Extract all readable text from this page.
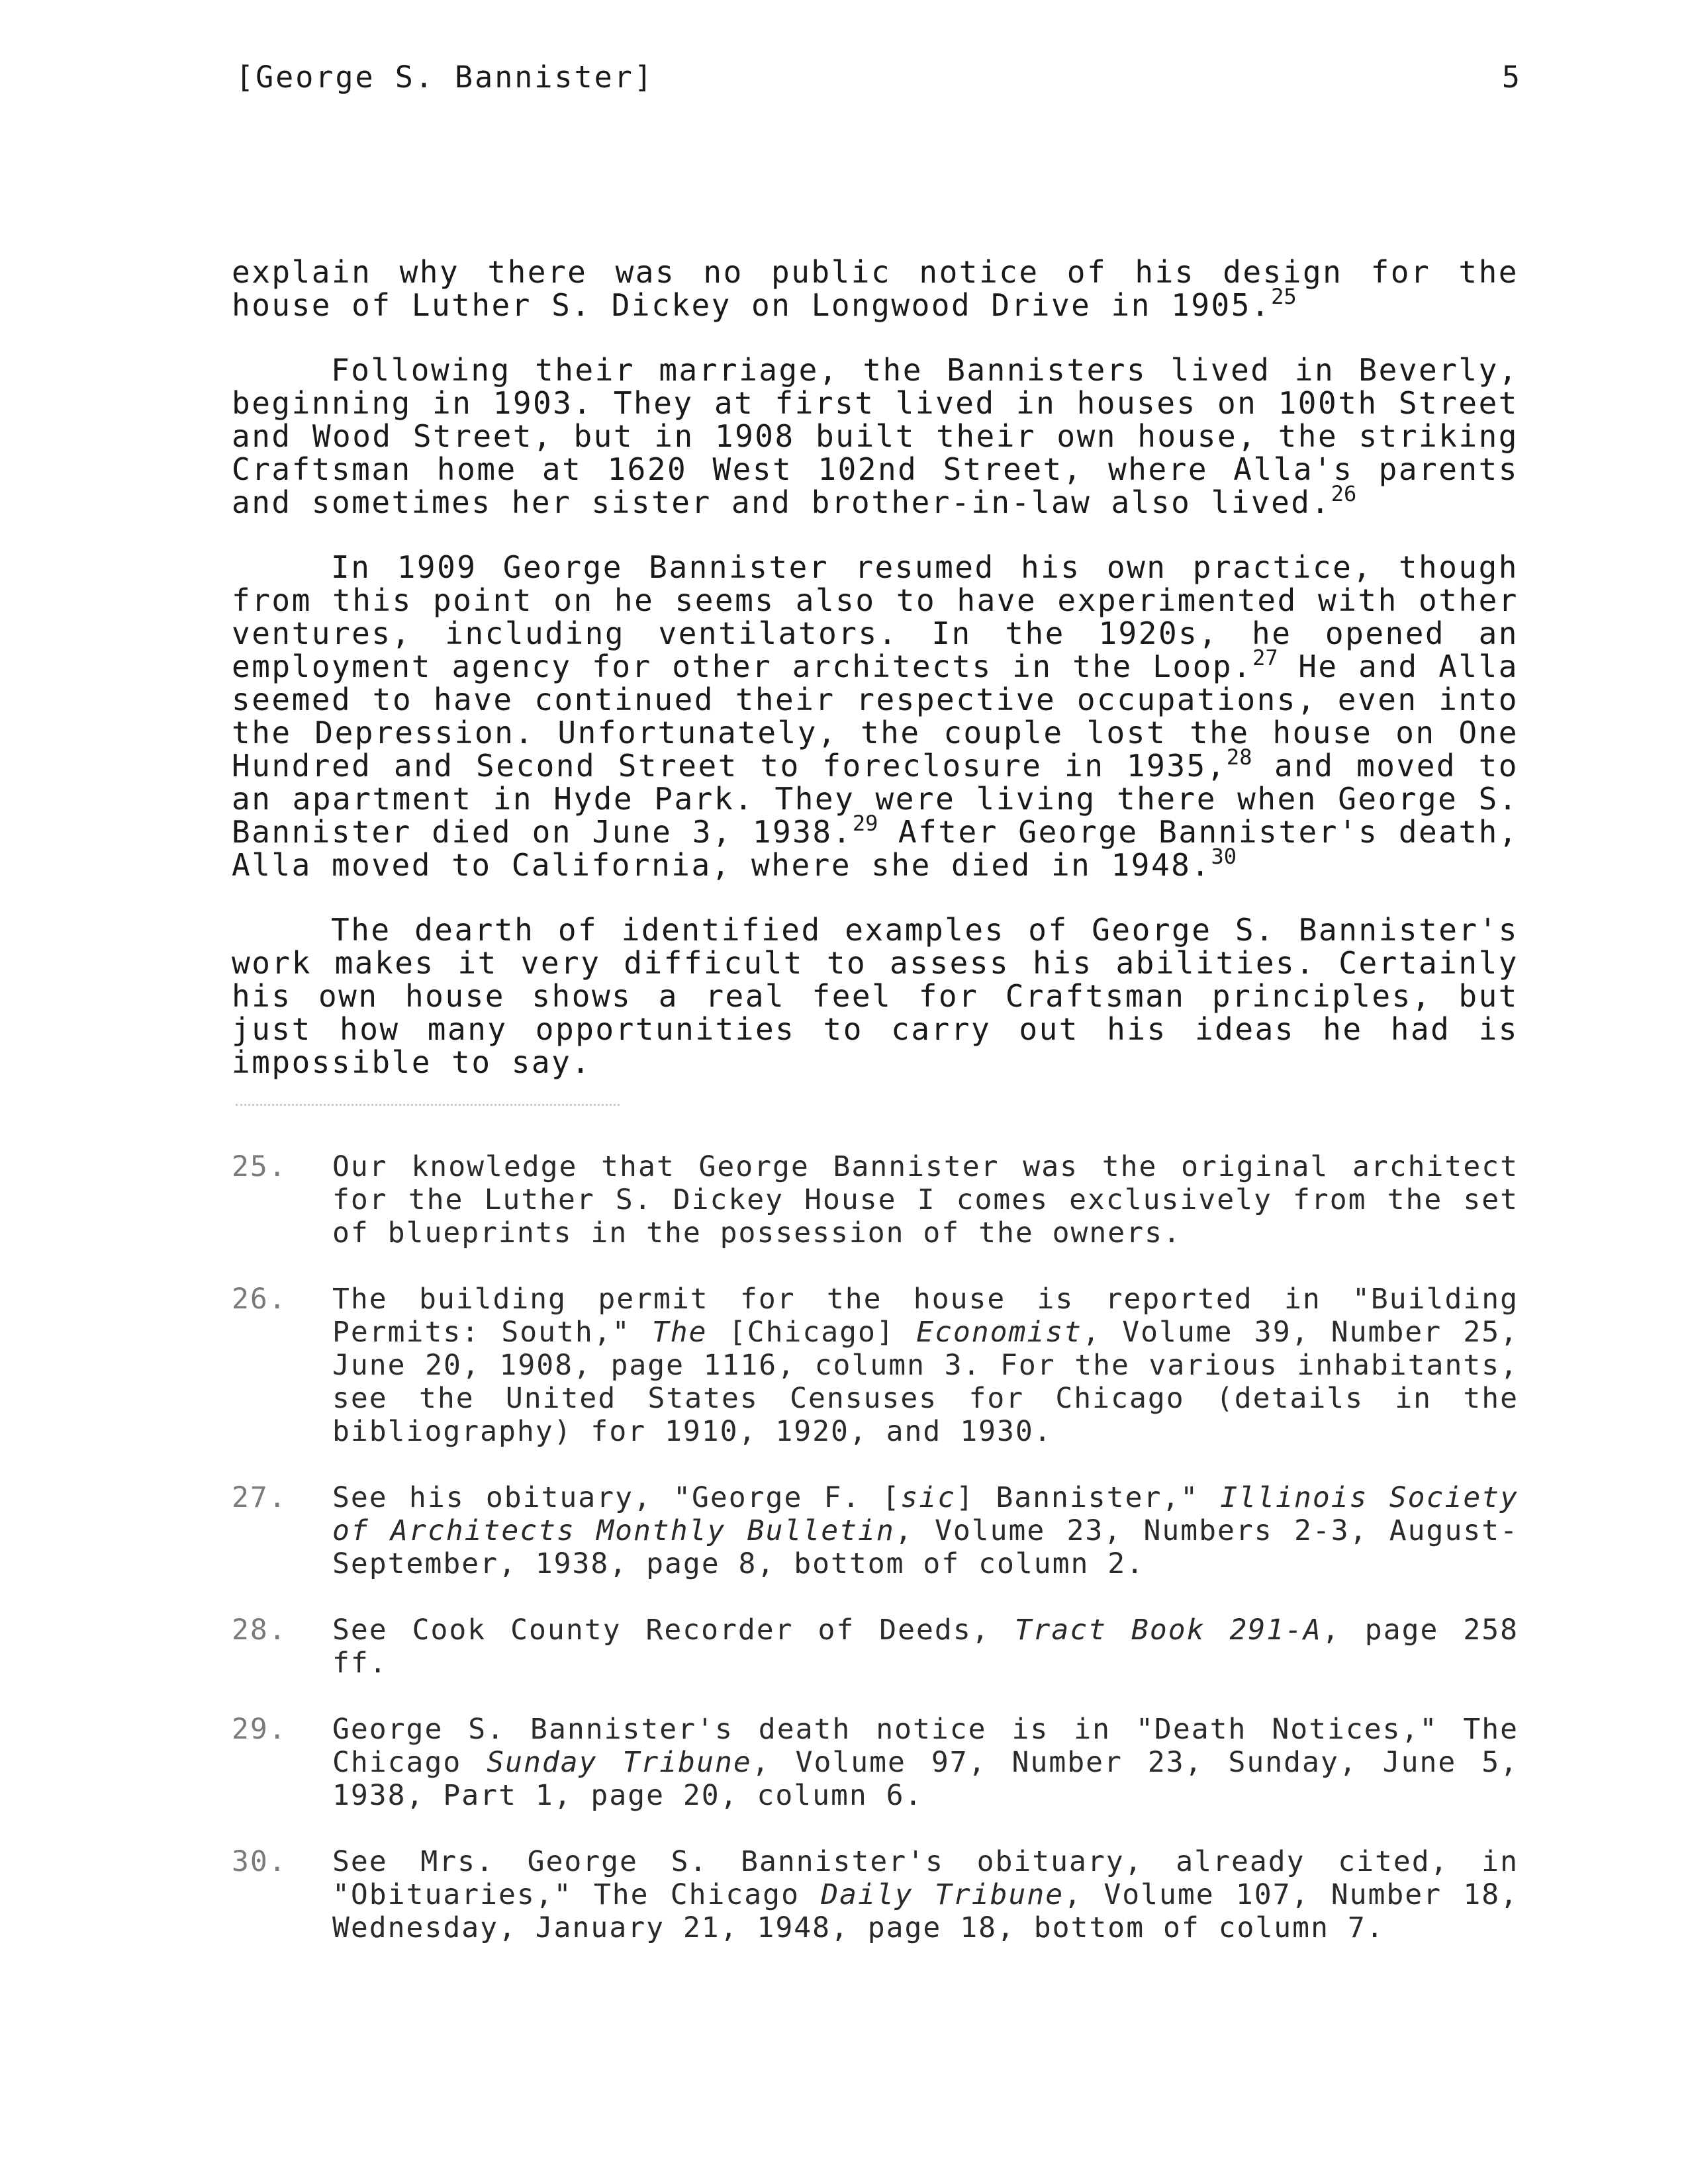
[George S. Bannister]	5

explain why there was no public notice of his design for the house of Luther S. Dickey on Longwood Drive in 1905.25

Following their marriage, the Bannisters lived in Beverly, beginning in 1903. They at first lived in houses on 100th Street and Wood Street, but in 1908 built their own house, the striking Craftsman home at 1620 West 102nd Street, where Alla's parents and sometimes her sister and brother-in-law also lived.$^{26}$

In 1909 George Bannister resumed his own practice, though from this point on he seems also to have experimented with other ventures, including ventilators. In the 1920s, he opened an employment agency for other architects in the Loop.$^{27}$ He and Alla seemed to have continued their respective occupations, even into the Depression. Unfortunately, the couple lost the house on One Hundred and Second Street to foreclosure in 1935,28 and moved to an apartment in Hyde Park. They were living there when George S. Bannister died on June 3, 1938.29 After George Bannister's death, Alla moved to California, where she died in 1948.30

The dearth of identified examples of George S. Bannister's work makes it very difficult to assess his abilities. Certainly his own house shows a real feel for Craftsman principles, but just how many opportunities to carry out his ideas he had is impossible to say.

25. Our knowledge that George Bannister was the original architect for the Luther S. Dickey House I comes exclusively from the set of blueprints in the possession of the owners.
26. The building permit for the house is reported in "Building Permits: South," The [Chicago] Economist, Volume 39, Number 25, June 20, 1908, page 1116, column 3. For the various inhabitants, see the United States Censuses for Chicago (details in the bibliography) for 1910, 1920, and 1930.
27. See his obituary, "George F. [sic] Bannister," Illinois Society of Architects Monthly Bulletin, Volume 23, Numbers 2-3, August-September, 1938, page 8, bottom of column 2.
28. See Cook County Recorder of Deeds, Tract Book 291-A, page 258 ff.
29. George S. Bannister's death notice is in "Death Notices," The Chicago Sunday Tribune, Volume 97, Number 23, Sunday, June 5, 1938, Part 1, page 20, column 6.
30. See Mrs. George S. Bannister's obituary, already cited, in "Obituaries," The Chicago Daily Tribune, Volume 107, Number 18, Wednesday, January 21, 1948, page 18, bottom of column 7.
